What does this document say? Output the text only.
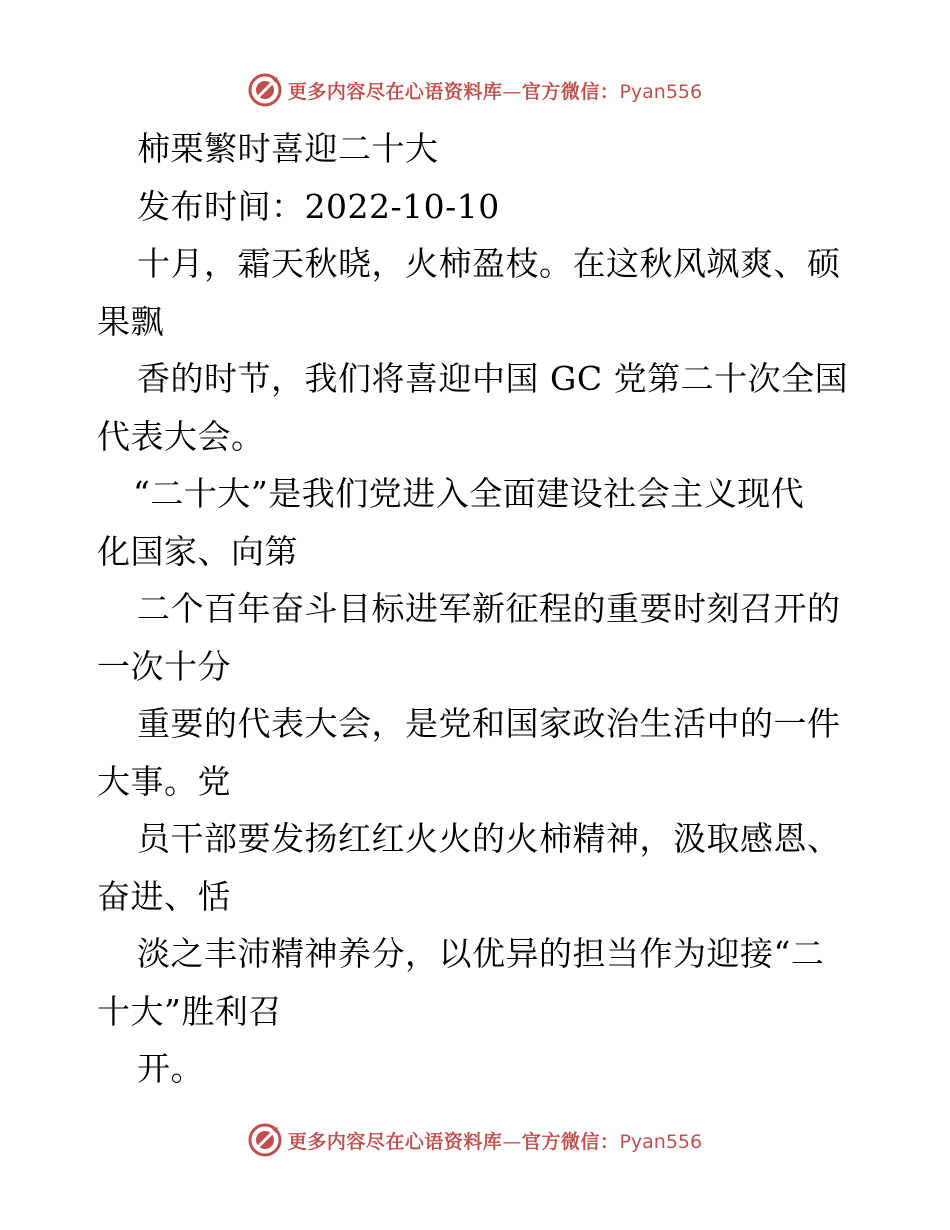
更多内容尽在心语资料库—官方微信：Pyan556
柿栗繁时喜迎二十大
发布时间：2022-10-10
十月，霜天秋晓，火柿盈枝。在这秋风飒爽、硕
果飘
香的时节，我们将喜迎中国 GC 党第二十次全国
代表大会。
“二十大”是我们党进入全面建设社会主义现代
化国家、向第
二个百年奋斗目标进军新征程的重要时刻召开的
一次十分
重要的代表大会，是党和国家政治生活中的一件
大事。党
员干部要发扬红红火火的火柿精神，汲取感恩、
奋进、恬
淡之丰沛精神养分，以优异的担当作为迎接“二
十大”胜利召
开。
更多内容尽在心语资料库—官方微信：Pyan556
